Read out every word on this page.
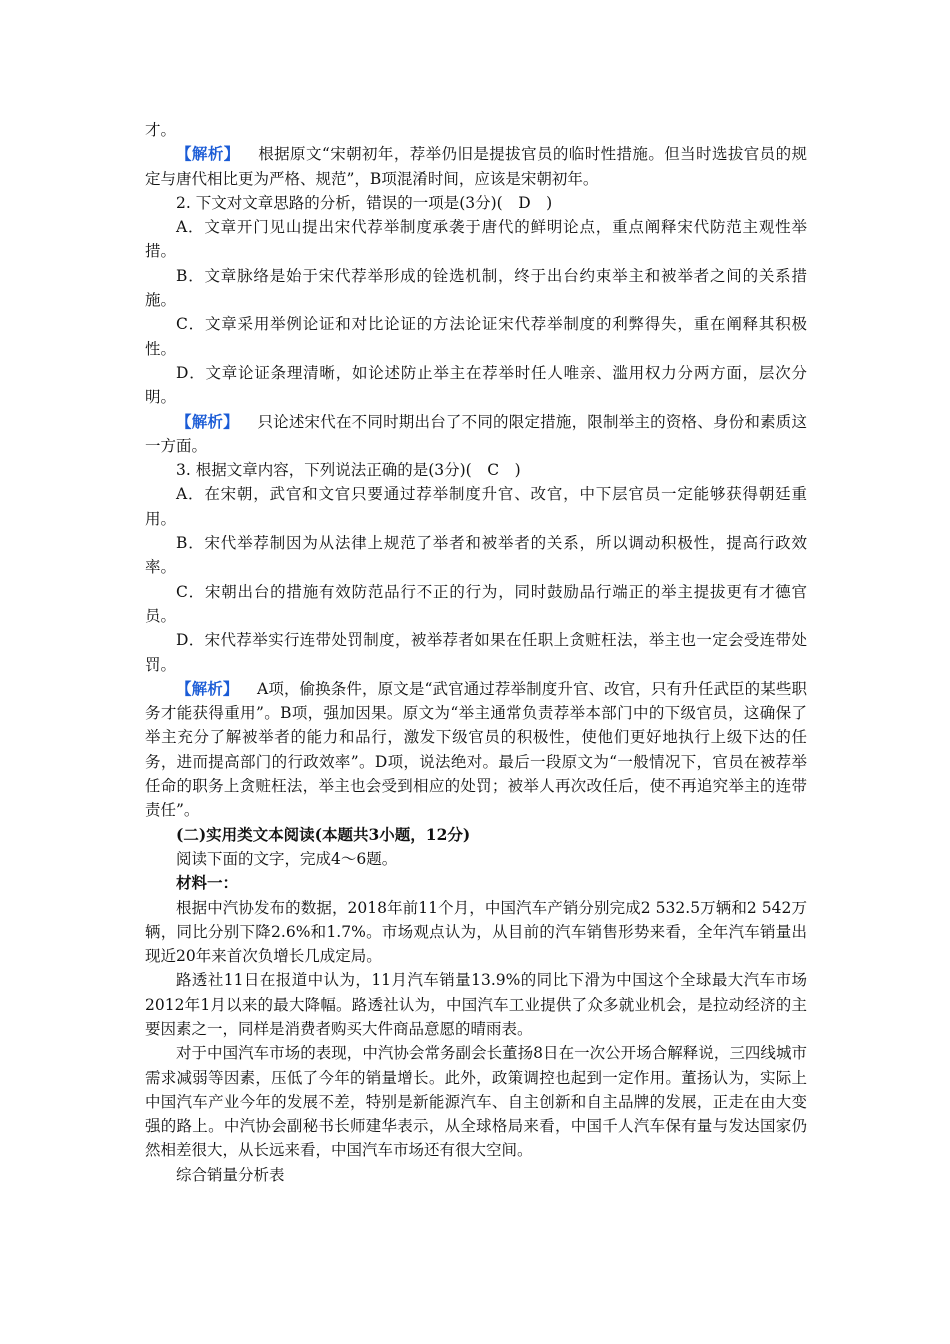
才。

【解析】 根据原文“宋朝初年，荐举仍旧是提拔官员的临时性措施。但当时选拔官员的规定与唐代相比更为严格、规范”，B项混淆时间，应该是宋朝初年。

2. 下文对文章思路的分析，错误的一项是(3分)(　D　)

A．文章开门见山提出宋代荐举制度承袭于唐代的鲜明论点，重点阐释宋代防范主观性举措。

B．文章脉络是始于宋代荐举形成的铨选机制，终于出台约束举主和被举者之间的关系措施。

C．文章采用举例论证和对比论证的方法论证宋代荐举制度的利弊得失，重在阐释其积极性。

D．文章论证条理清晰，如论述防止举主在荐举时任人唯亲、滥用权力分两方面，层次分明。

【解析】 只论述宋代在不同时期出台了不同的限定措施，限制举主的资格、身份和素质这一方面。

3. 根据文章内容，下列说法正确的是(3分)(　C　)

A．在宋朝，武官和文官只要通过荐举制度升官、改官，中下层官员一定能够获得朝廷重用。

B．宋代举荐制因为从法律上规范了举者和被举者的关系，所以调动积极性，提高行政效率。

C．宋朝出台的措施有效防范品行不正的行为，同时鼓励品行端正的举主提拔更有才德官员。

D．宋代荐举实行连带处罚制度，被举荐者如果在任职上贪赃枉法，举主也一定会受连带处罚。

【解析】 A项，偷换条件，原文是“武官通过荐举制度升官、改官，只有升任武臣的某些职务才能获得重用”。B项，强加因果。原文为“举主通常负责荐举本部门中的下级官员，这确保了举主充分了解被举者的能力和品行，激发下级官员的积极性，使他们更好地执行上级下达的任务，进而提高部门的行政效率”。D项，说法绝对。最后一段原文为“一般情况下，官员在被荐举任命的职务上贪赃枉法，举主也会受到相应的处罚；被举人再次改任后，使不再追究举主的连带责任”。

(二)实用类文本阅读(本题共3小题，12分)

阅读下面的文字，完成4～6题。

材料一：

根据中汽协发布的数据，2018年前11个月，中国汽车产销分别完成2 532.5万辆和2 542万辆，同比分别下降2.6%和1.7%。市场观点认为，从目前的汽车销售形势来看，全年汽车销量出现近20年来首次负增长几成定局。

路透社11日在报道中认为，11月汽车销量13.9%的同比下滑为中国这个全球最大汽车市场2012年1月以来的最大降幅。路透社认为，中国汽车工业提供了众多就业机会，是拉动经济的主要因素之一，同样是消费者购买大件商品意愿的晴雨表。

对于中国汽车市场的表现，中汽协会常务副会长董扬8日在一次公开场合解释说，三四线城市需求减弱等因素，压低了今年的销量增长。此外，政策调控也起到一定作用。董扬认为，实际上中国汽车产业今年的发展不差，特别是新能源汽车、自主创新和自主品牌的发展，正走在由大变强的路上。中汽协会副秘书长师建华表示，从全球格局来看，中国千人汽车保有量与发达国家仍然相差很大，从长远来看，中国汽车市场还有很大空间。

综合销量分析表
